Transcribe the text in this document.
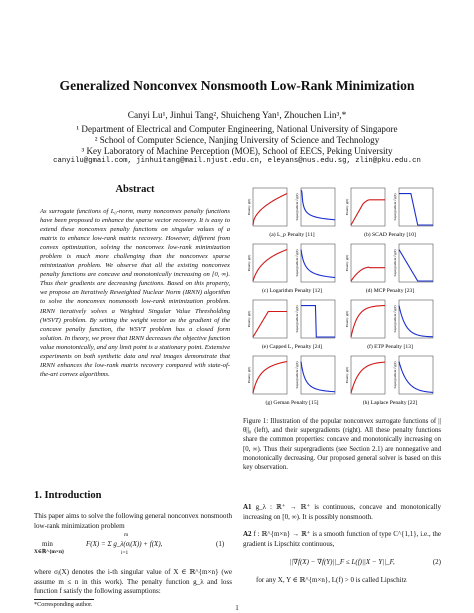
Generalized Nonconvex Nonsmooth Low-Rank Minimization
Canyi Lu¹, Jinhui Tang², Shuicheng Yan¹, Zhouchen Lin³,*
¹ Department of Electrical and Computer Engineering, National University of Singapore
² School of Computer Science, Nanjing University of Science and Technology
³ Key Laboratory of Machine Perception (MOE), School of EECS, Peking University
canyilu@gmail.com, jinhuitang@mail.njust.edu.cn, eleyans@nus.edu.sg, zlin@pku.edu.cn
Abstract
As surrogate functions of L₀-norm, many nonconvex penalty functions have been proposed to enhance the sparse vector recovery. It is easy to extend these nonconvex penalty functions on singular values of a matrix to enhance low-rank matrix recovery. However, different from convex optimization, solving the nonconvex low-rank minimization problem is much more challenging than the nonconvex sparse minimization problem. We observe that all the existing nonconvex penalty functions are concave and monotonically increasing on [0, ∞). Thus their gradients are decreasing functions. Based on this property, we propose an Iteratively Reweighted Nuclear Norm (IRNN) algorithm to solve the nonconvex nonsmooth low-rank minimization problem. IRNN iteratively solves a Weighted Singular Value Thresholding (WSVT) problem. By setting the weight vector as the gradient of the concave penalty function, the WSVT problem has a closed form solution. In theory, we prove that IRNN decreases the objective function value monotonically, and any limit point is a stationary point. Extensive experiments on both synthetic data and real images demonstrate that IRNN enhances the low-rank matrix recovery compared with state-of-the-art convex algorithms.
1. Introduction
This paper aims to solve the following general nonconvex nonsmooth low-rank minimization problem
min
X∈ℝ^{m×n}
m
i=1
F(X) = Σ g_λ(σᵢ(X)) + f(X),	(1)
where σᵢ(X) denotes the i-th singular value of X ∈ ℝ^{m×n} (we assume m ≤ n in this work). The penalty function g_λ and loss function f satisfy the following assumptions:
*Corresponding author.	1
Penalty g(θ)	Supergradient ∂g(θ)
(a) L_p Penalty [11]
Penalty g(θ)	Supergradient ∂g(θ)
(b) SCAD Penalty [10]
Penalty g(θ)	Supergradient ∂g(θ)
(c) Logarithm Penalty [12]
Penalty g(θ)	Supergradient ∂g(θ)
(d) MCP Penalty [23]
Penalty g(θ)	Supergradient ∂g(θ)
(e) Capped L₁ Penalty [24]
Penalty g(θ)	Supergradient ∂g(θ)
(f) ETP Penalty [13]
Penalty g(θ)	Supergradient ∂g(θ)
(g) Geman Penalty [15]
Penalty g(θ)	Supergradient ∂g(θ)
(h) Laplace Penalty [22]
Figure 1: Illustration of the popular nonconvex surrogate functions of ||θ||₀ (left), and their supergradients (right). All these penalty functions share the common properties: concave and monotonically increasing on [0, ∞). Thus their supergradients (see Section 2.1) are nonnegative and monotonically decreasing. Our proposed general solver is based on this key observation.
A1 g_λ : ℝ⁺ → ℝ⁺ is continuous, concave and monotonically increasing on [0, ∞). It is possibly nonsmooth.
A2 f : ℝ^{m×n} → ℝ⁺ is a smooth function of type C^{1,1}, i.e., the gradient is Lipschitz continuous,
||∇f(X) − ∇f(Y)||_F ≤ L(f)||X − Y||_F,	(2)
for any X, Y ∈ ℝ^{m×n}, L(f) > 0 is called Lipschitz
